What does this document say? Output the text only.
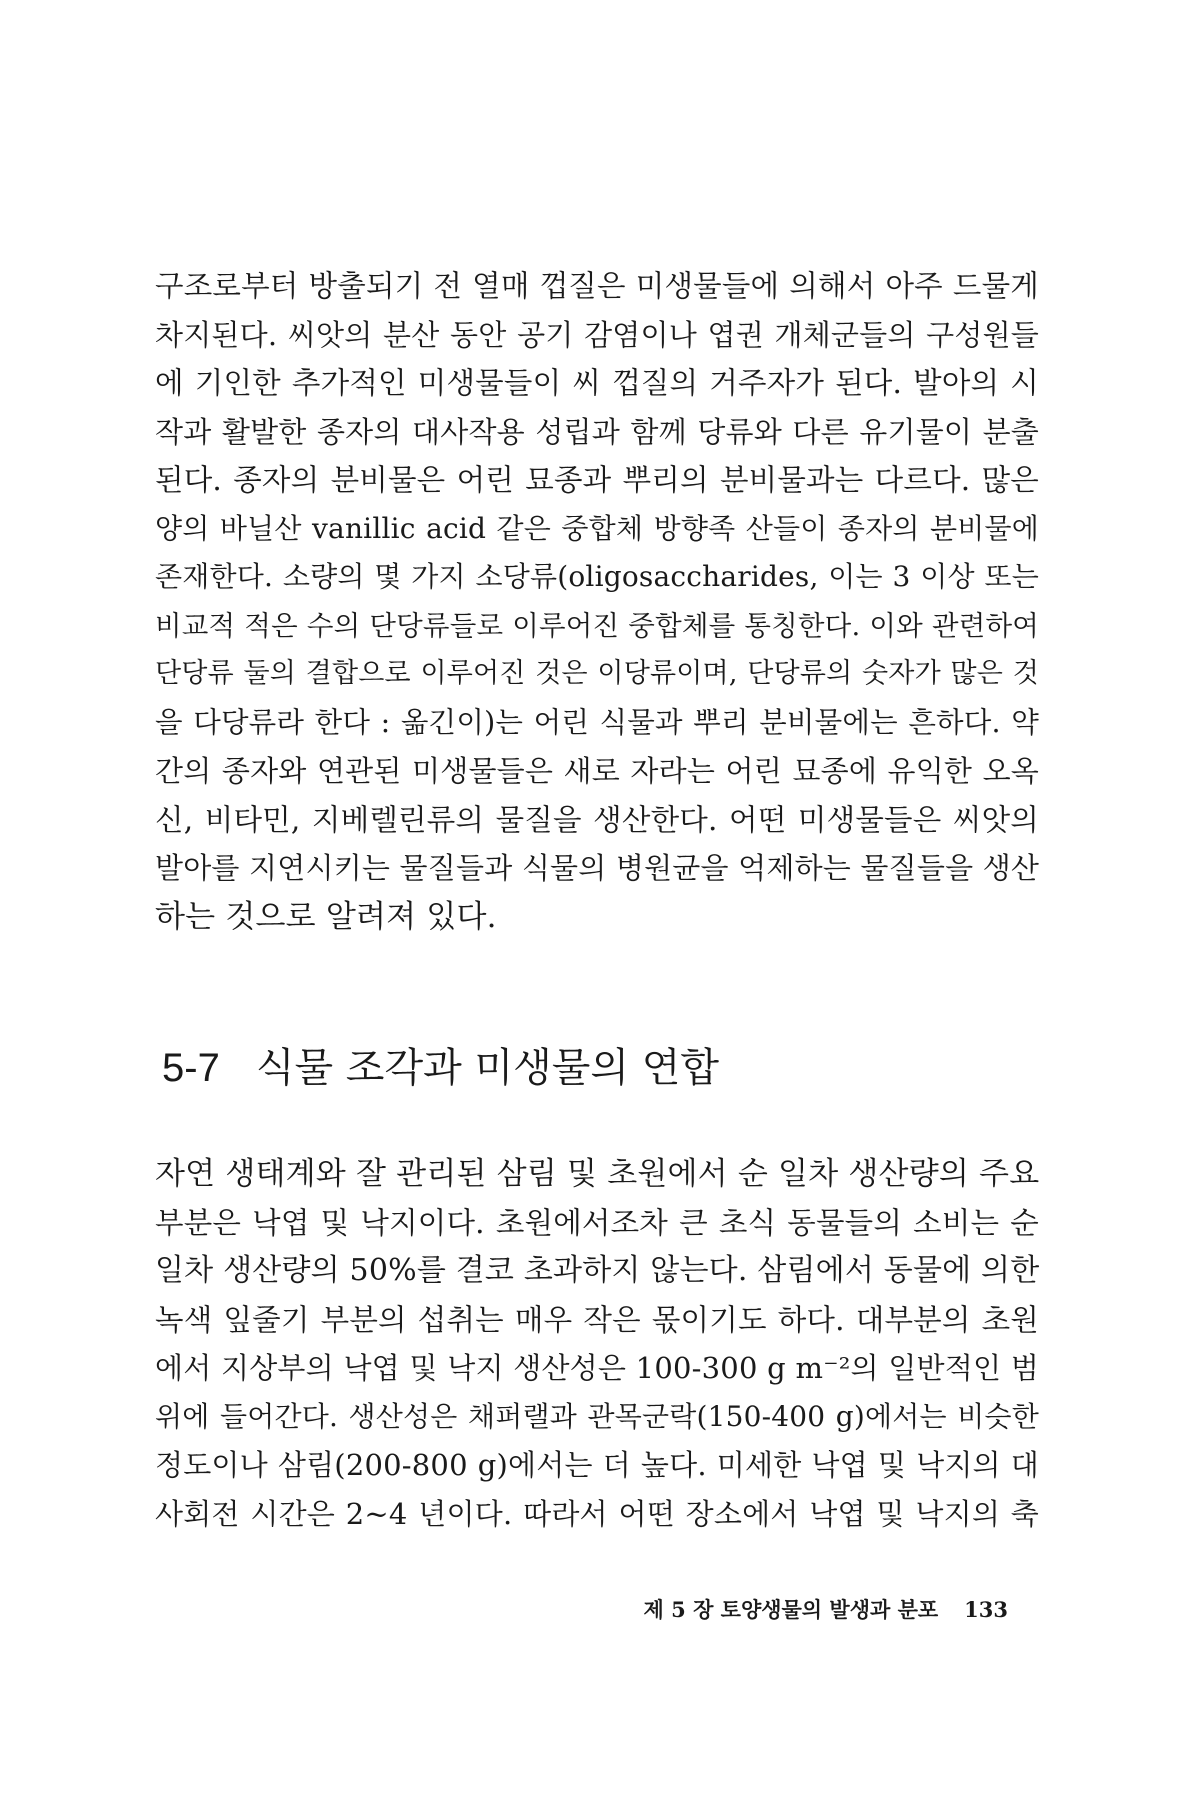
구조로부터 방출되기 전 열매 껍질은 미생물들에 의해서 아주 드물게
차지된다. 씨앗의 분산 동안 공기 감염이나 엽권 개체군들의 구성원들
에 기인한 추가적인 미생물들이 씨 껍질의 거주자가 된다. 발아의 시
작과 활발한 종자의 대사작용 성립과 함께 당류와 다른 유기물이 분출
된다. 종자의 분비물은 어린 묘종과 뿌리의 분비물과는 다르다. 많은
양의 바닐산 vanillic acid 같은 중합체 방향족 산들이 종자의 분비물에
존재한다. 소량의 몇 가지 소당류(oligosaccharides, 이는 3 이상 또는
비교적 적은 수의 단당류들로 이루어진 중합체를 통칭한다. 이와 관련하여
단당류 둘의 결합으로 이루어진 것은 이당류이며, 단당류의 숫자가 많은 것
을 다당류라 한다 : 옮긴이)는 어린 식물과 뿌리 분비물에는 흔하다. 약
간의 종자와 연관된 미생물들은 새로 자라는 어린 묘종에 유익한 오옥
신, 비타민, 지베렐린류의 물질을 생산한다. 어떤 미생물들은 씨앗의
발아를 지연시키는 물질들과 식물의 병원균을 억제하는 물질들을 생산
하는 것으로 알려져 있다.
5-7 식물 조각과 미생물의 연합
자연 생태계와 잘 관리된 삼림 및 초원에서 순 일차 생산량의 주요
부분은 낙엽 및 낙지이다. 초원에서조차 큰 초식 동물들의 소비는 순
일차 생산량의 50%를 결코 초과하지 않는다. 삼림에서 동물에 의한
녹색 잎줄기 부분의 섭취는 매우 작은 몫이기도 하다. 대부분의 초원
에서 지상부의 낙엽 및 낙지 생산성은 100-300 g m⁻²의 일반적인 범
위에 들어간다. 생산성은 채퍼랠과 관목군락(150-400 g)에서는 비슷한
정도이나 삼림(200-800 g)에서는 더 높다. 미세한 낙엽 및 낙지의 대
사회전 시간은 2~4 년이다. 따라서 어떤 장소에서 낙엽 및 낙지의 축
제 5 장 토양생물의 발생과 분포 133
